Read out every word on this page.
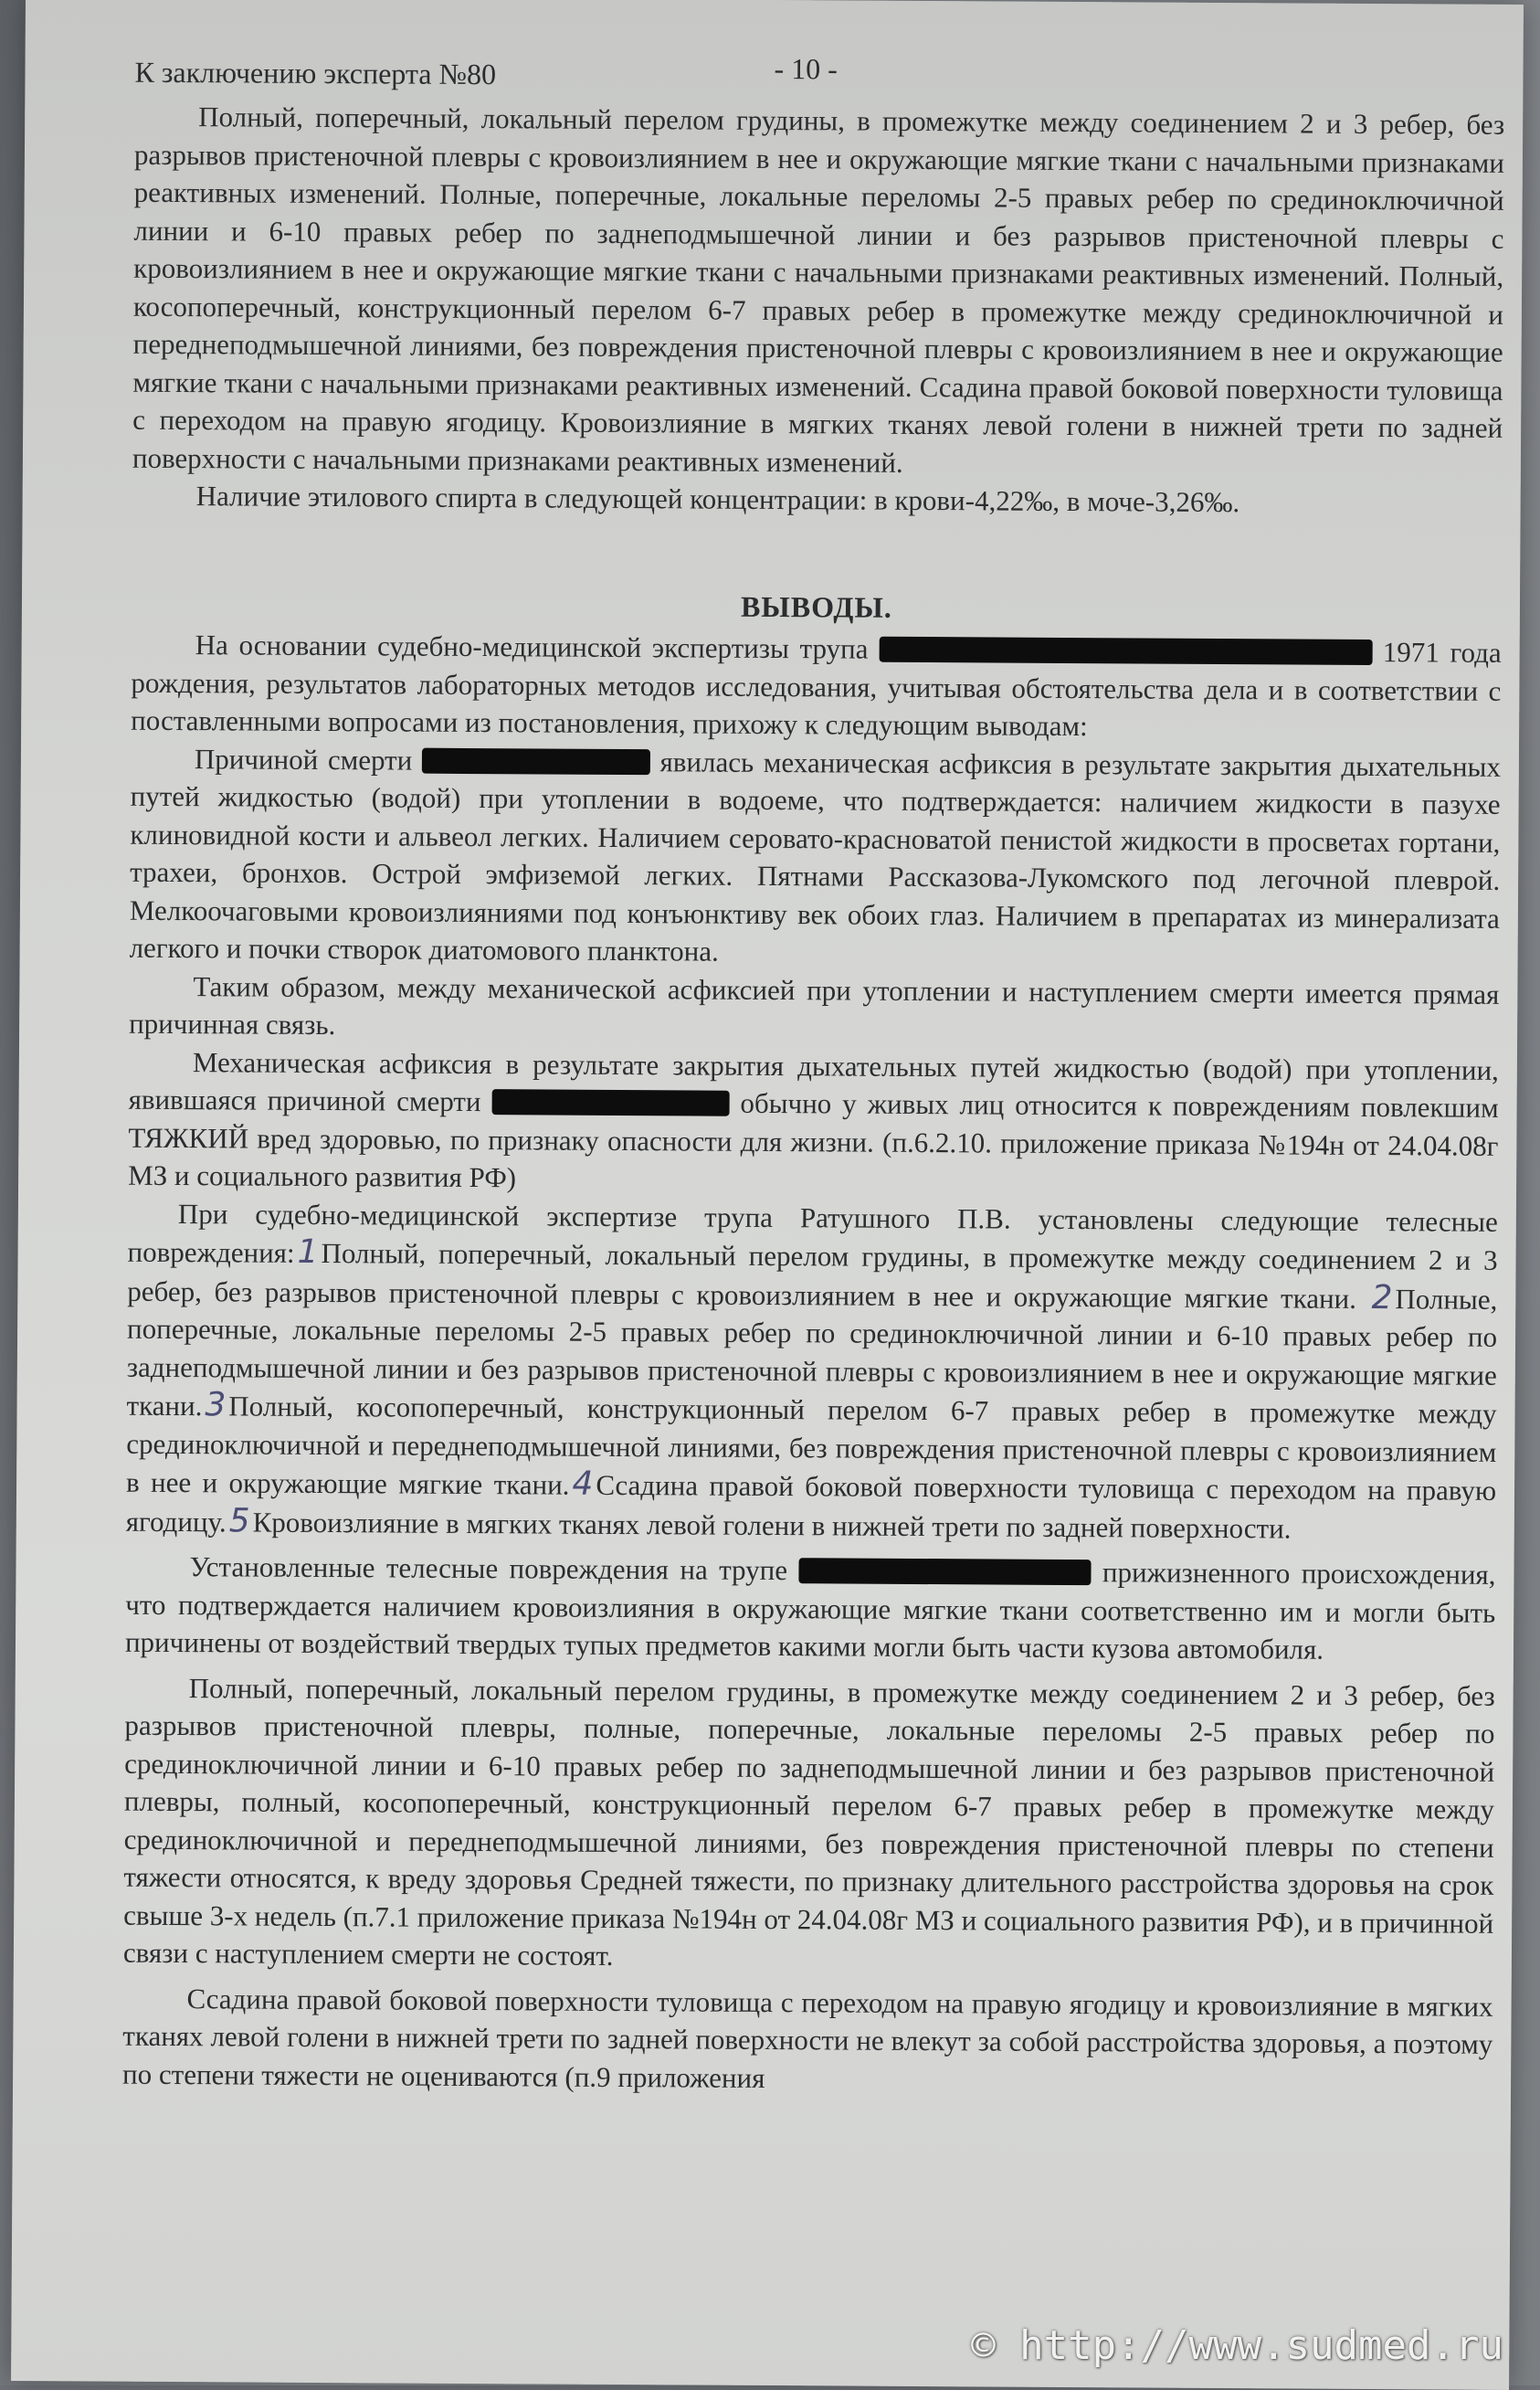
К заключению эксперта №80	- 10 -

Полный, поперечный, локальный перелом грудины, в промежутке между соединением 2 и 3 ребер, без разрывов пристеночной плевры с кровоизлиянием в нее и окружающие мягкие ткани с начальными признаками реактивных изменений. Полные, поперечные, локальные переломы 2-5 правых ребер по срединоключичной линии и 6-10 правых ребер по заднеподмышечной линии и без разрывов пристеночной плевры с кровоизлиянием в нее и окружающие мягкие ткани с начальными признаками реактивных изменений. Полный, косопоперечный, конструкционный перелом 6-7 правых ребер в промежутке между срединоключичной и переднеподмышечной линиями, без повреждения пристеночной плевры с кровоизлиянием в нее и окружающие мягкие ткани с начальными признаками реактивных изменений. Ссадина правой боковой поверхности туловища с переходом на правую ягодицу. Кровоизлияние в мягких тканях левой голени в нижней трети по задней поверхности с начальными признаками реактивных изменений.

Наличие этилового спирта в следующей концентрации: в крови-4,22‰, в моче-3,26‰.

ВЫВОДЫ.

На основании судебно-медицинской экспертизы трупа	1971 года рождения, результатов лабораторных методов исследования, учитывая обстоятельства дела и в соответствии с поставленными вопросами из постановления, прихожу к следующим выводам:

Причиной смерти	явилась механическая асфиксия в результате закрытия дыхательных путей жидкостью (водой) при утоплении в водоеме, что подтверждается: наличием жидкости в пазухе клиновидной кости и альвеол легких. Наличием серовато-красноватой пенистой жидкости в просветах гортани, трахеи, бронхов. Острой эмфиземой легких. Пятнами Рассказова-Лукомского под легочной плеврой. Мелкоочаговыми кровоизлияниями под конъюнктиву век обоих глаз. Наличием в препаратах из минерализата легкого и почки створок диатомового планктона.

Таким образом, между механической асфиксией при утоплении и наступлением смерти имеется прямая причинная связь.

Механическая асфиксия в результате закрытия дыхательных путей жидкостью (водой) при утоплении, явившаяся причиной смерти	обычно у живых лиц относится к повреждениям повлекшим ТЯЖКИЙ вред здоровью, по признаку опасности для жизни. (п.6.2.10. приложение приказа №194н от 24.04.08г МЗ и социального развития РФ)

При судебно-медицинской экспертизе трупа Ратушного П.В. установлены следующие телесные повреждения:1Полный, поперечный, локальный перелом грудины, в промежутке между соединением 2 и 3 ребер, без разрывов пристеночной плевры с кровоизлиянием в нее и окружающие мягкие ткани. 2Полные, поперечные, локальные переломы 2-5 правых ребер по срединоключичной линии и 6-10 правых ребер по заднеподмышечной линии и без разрывов пристеночной плевры с кровоизлиянием в нее и окружающие мягкие ткани.3Полный, косопоперечный, конструкционный перелом 6-7 правых ребер в промежутке между срединоключичной и переднеподмышечной линиями, без повреждения пристеночной плевры с кровоизлиянием в нее и окружающие мягкие ткани.4Ссадина правой боковой поверхности туловища с переходом на правую ягодицу.5Кровоизлияние в мягких тканях левой голени в нижней трети по задней поверхности.

Установленные телесные повреждения на трупе	прижизненного происхождения, что подтверждается наличием кровоизлияния в окружающие мягкие ткани соответственно им и могли быть причинены от воздействий твердых тупых предметов какими могли быть части кузова автомобиля.

Полный, поперечный, локальный перелом грудины, в промежутке между соединением 2 и 3 ребер, без разрывов пристеночной плевры, полные, поперечные, локальные переломы 2-5 правых ребер по срединоключичной линии и 6-10 правых ребер по заднеподмышечной линии и без разрывов пристеночной плевры, полный, косопоперечный, конструкционный перелом 6-7 правых ребер в промежутке между срединоключичной и переднеподмышечной линиями, без повреждения пристеночной плевры по степени тяжести относятся, к вреду здоровья Средней тяжести, по признаку длительного расстройства здоровья на срок свыше 3-х недель (п.7.1 приложение приказа №194н от 24.04.08г МЗ и социального развития РФ), и в причинной связи с наступлением смерти не состоят.

Ссадина правой боковой поверхности туловища с переходом на правую ягодицу и кровоизлияние в мягких тканях левой голени в нижней трети по задней поверхности не влекут за собой расстройства здоровья, а поэтому по степени тяжести не оцениваются (п.9 приложения

© http://www.sudmed.ru
